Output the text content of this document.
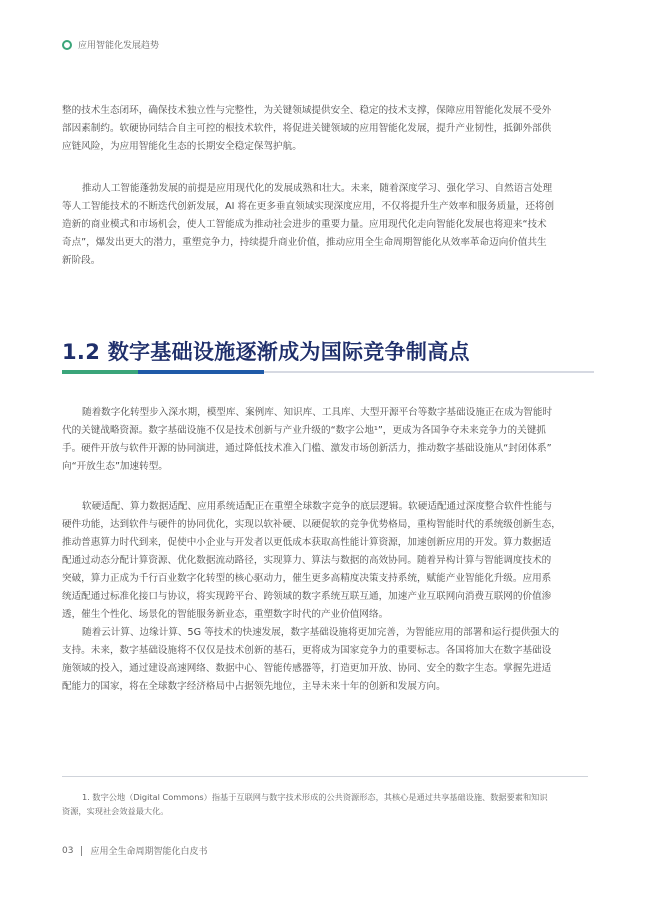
应用智能化发展趋势

整的技术生态闭环，确保技术独立性与完整性，为关键领域提供安全、稳定的技术支撑，保障应用智能化发展不受外
部因素制约。软硬协同结合自主可控的根技术软件，将促进关键领域的应用智能化发展，提升产业韧性，抵御外部供
应链风险，为应用智能化生态的长期安全稳定保驾护航。

推动人工智能蓬勃发展的前提是应用现代化的发展成熟和壮大。未来，随着深度学习、强化学习、自然语言处理
等人工智能技术的不断迭代创新发展，AI 将在更多垂直领域实现深度应用，不仅将提升生产效率和服务质量，还将创
造新的商业模式和市场机会，使人工智能成为推动社会进步的重要力量。应用现代化走向智能化发展也将迎来“技术
奇点”，爆发出更大的潜力，重塑竞争力，持续提升商业价值，推动应用全生命周期智能化从效率革命迈向价值共生
新阶段。

1.2 数字基础设施逐渐成为国际竞争制高点

随着数字化转型步入深水期，模型库、案例库、知识库、工具库、大型开源平台等数字基础设施正在成为智能时
代的关键战略资源。数字基础设施不仅是技术创新与产业升级的“数字公地¹”，更成为各国争夺未来竞争力的关键抓
手。硬件开放与软件开源的协同演进，通过降低技术准入门槛、激发市场创新活力，推动数字基础设施从“封闭体系”
向“开放生态”加速转型。

软硬适配、算力数据适配、应用系统适配正在重塑全球数字竞争的底层逻辑。软硬适配通过深度整合软件性能与
硬件功能，达到软件与硬件的协同优化，实现以软补硬、以硬促软的竞争优势格局，重构智能时代的系统级创新生态，
推动普惠算力时代到来，促使中小企业与开发者以更低成本获取高性能计算资源，加速创新应用的开发。算力数据适
配通过动态分配计算资源、优化数据流动路径，实现算力、算法与数据的高效协同。随着异构计算与智能调度技术的
突破，算力正成为千行百业数字化转型的核心驱动力，催生更多高精度决策支持系统，赋能产业智能化升级。应用系
统适配通过标准化接口与协议，将实现跨平台、跨领域的数字系统互联互通，加速产业互联网向消费互联网的价值渗
透，催生个性化、场景化的智能服务新业态，重塑数字时代的产业价值网络。

随着云计算、边缘计算、5G 等技术的快速发展，数字基础设施将更加完善，为智能应用的部署和运行提供强大的
支持。未来，数字基础设施将不仅仅是技术创新的基石，更将成为国家竞争力的重要标志。各国将加大在数字基础设
施领域的投入，通过建设高速网络、数据中心、智能传感器等，打造更加开放、协同、安全的数字生态。掌握先进适
配能力的国家，将在全球数字经济格局中占据领先地位，主导未来十年的创新和发展方向。

1. 数字公地（Digital Commons）指基于互联网与数字技术形成的公共资源形态，其核心是通过共享基础设施、数据要素和知识
资源，实现社会效益最大化。

03 应用全生命周期智能化白皮书
